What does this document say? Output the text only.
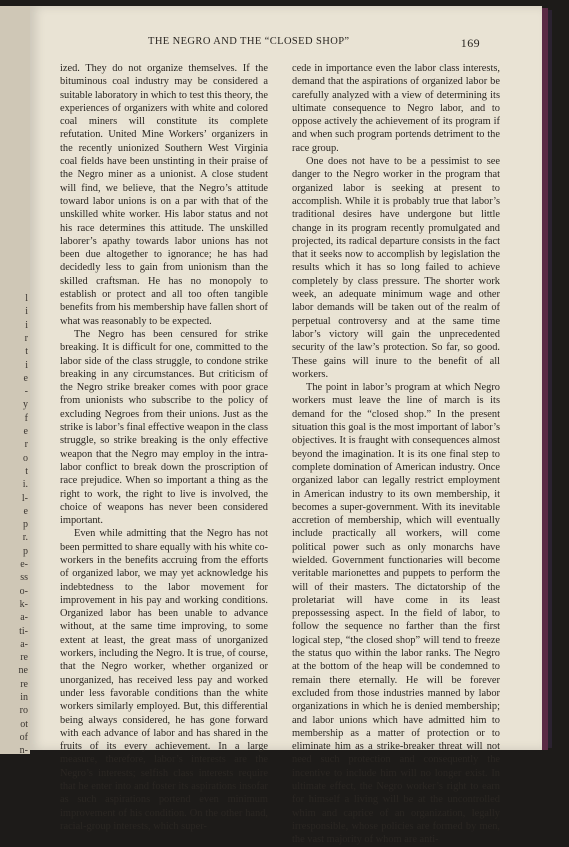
l
i
i
r
t
i
e
-
y
f
e
r
o
t
i.
l-
e
p
r.
p
e-
ss
o-
k-
a-
ti-
a-
re
ne
re
in
ro
ot
of
n-
THE NEGRO AND THE “CLOSED SHOP”	169

ized. They do not organize themselves. If the bituminous coal industry may be considered a suitable laboratory in which to test this theory, the experiences of organizers with white and colored coal miners will constitute its complete refutation. United Mine Workers’ organizers in the recently unionized Southern West Virginia coal fields have been unstinting in their praise of the Negro miner as a unionist. A close student will find, we believe, that the Negro’s attitude toward labor unions is on a par with that of the unskilled white worker. His labor status and not his race determines this attitude. The unskilled laborer’s apathy towards labor unions has not been due altogether to ignorance; he has had decidedly less to gain from unionism than the skilled craftsman. He has no monopoly to establish or protect and all too often tangible benefits from his membership have fallen short of what was reasonably to be expected.

The Negro has been censured for strike breaking. It is difficult for one, committed to the labor side of the class struggle, to condone strike breaking in any circumstances. But criticism of the Negro strike breaker comes with poor grace from unionists who subscribe to the policy of excluding Negroes from their unions. Just as the strike is labor’s final effective weapon in the class struggle, so strike breaking is the only effective weapon that the Negro may employ in the intra-labor conflict to break down the proscription of race prejudice. When so important a thing as the right to work, the right to live is involved, the choice of weapons has never been considered important.

Even while admitting that the Negro has not been permitted to share equally with his white co-workers in the benefits accruing from the efforts of organized labor, we may yet acknowledge his indebtedness to the labor movement for improvement in his pay and working conditions. Organized labor has been unable to advance without, at the same time improving, to some extent at least, the great mass of unorganized workers, including the Negro. It is true, of course, that the Negro worker, whether organized or unorganized, has received less pay and worked under less favorable conditions than the white workers similarly employed. But, this differential being always considered, he has gone forward with each advance of labor and has shared in the fruits of its every achievement. In a large measure, therefore, labor’s interests are the Negro’s interests; selfish class interests require that he enter into and foster its aspirations insofar as such aspirations portend even minimum improvement of his condition. On the other hand, racial-group interests, which super-

cede in importance even the labor class interests, demand that the aspirations of organized labor be carefully analyzed with a view of determining its ultimate consequence to Negro labor, and to oppose actively the achievement of its program if and when such program portends detriment to the race group.

One does not have to be a pessimist to see danger to the Negro worker in the program that organized labor is seeking at present to accomplish. While it is probably true that labor’s traditional desires have undergone but little change in its program recently promulgated and projected, its radical departure consists in the fact that it seeks now to accomplish by legislation the results which it has so long failed to achieve completely by class pressure. The shorter work week, an adequate minimum wage and other labor demands will be taken out of the realm of perpetual controversy and at the same time labor’s victory will gain the unprecedented security of the law’s protection. So far, so good. These gains will inure to the benefit of all workers.

The point in labor’s program at which Negro workers must leave the line of march is its demand for the “closed shop.” In the present situation this goal is the most important of labor’s objectives. It is fraught with consequences almost beyond the imagination. It is its one final step to complete domination of American industry. Once organized labor can legally restrict employment in American industry to its own membership, it becomes a super-government. With its inevitable accretion of membership, which will eventually include practically all workers, will come political power such as only monarchs have wielded. Government functionaries will become veritable marionettes and puppets to perform the will of their masters. The dictatorship of the proletariat will have come in its least prepossessing aspect. In the field of labor, to follow the sequence no farther than the first logical step, “the closed shop” will tend to freeze the status quo within the labor ranks. The Negro at the bottom of the heap will be condemned to remain there eternally. He will be forever excluded from those industries manned by labor organizations in which he is denied membership; and labor unions which have admitted him to membership as a matter of protection or to eliminate him as a strike-breaker threat will not need such protection and consequently the incentive to include him will no longer exist. In ultimate effect, the Negro worker’s right to earn for himself a living will be at the uncontrolled whim and caprice of an organization, legally irresponsible, whose policies are formed by men, the vast majority of whom are anti-
